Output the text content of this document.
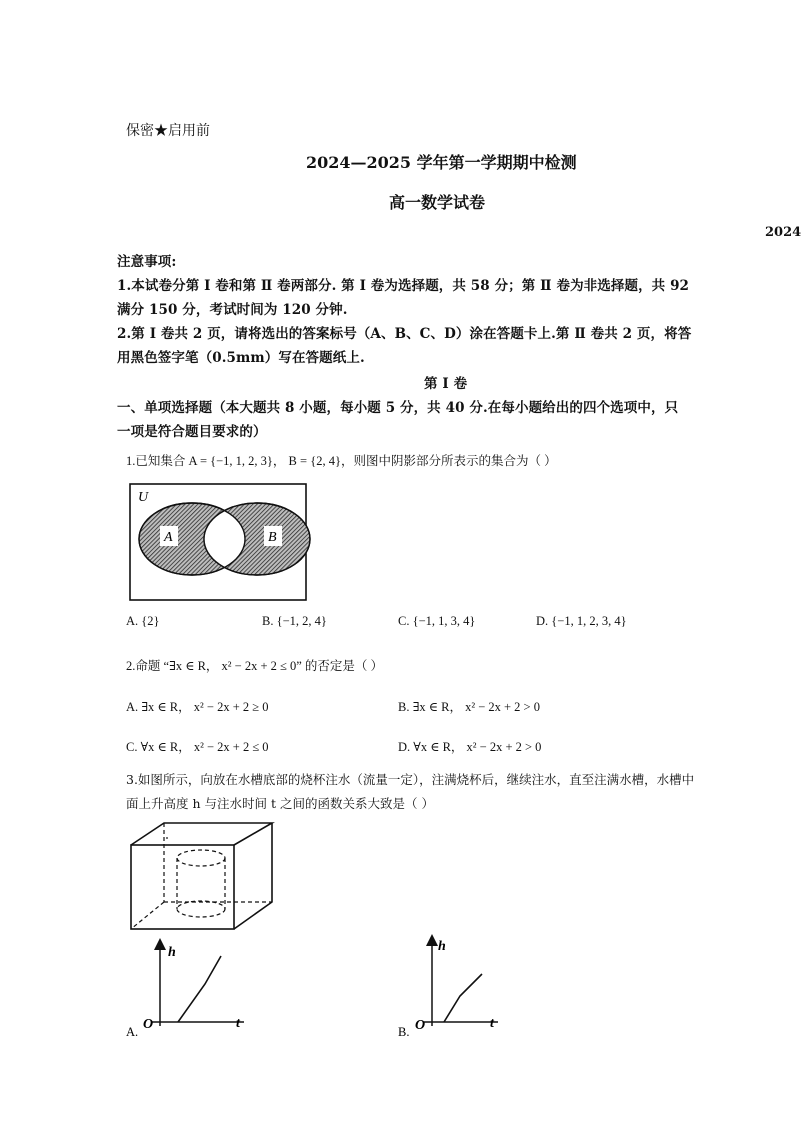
保密★启用前
2024—2025 学年第一学期期中检测
高一数学试卷
2024
注意事项:
1.本试卷分第 Ⅰ 卷和第 Ⅱ 卷两部分. 第 Ⅰ 卷为选择题，共 58 分；第 Ⅱ 卷为非选择题，共 92
满分 150 分，考试时间为 120 分钟.
2.第 Ⅰ 卷共 2 页，请将选出的答案标号（A、B、C、D）涂在答题卡上.第 Ⅱ 卷共 2 页，将答
用黑色签字笔（0.5mm）写在答题纸上.
第 Ⅰ 卷
一、单项选择题（本大题共 8 小题，每小题 5 分，共 40 分.在每小题给出的四个选项中，只
一项是符合题目要求的）
1.已知集合 A = {−1, 1, 2, 3}， B = {2, 4}，则图中阴影部分所表示的集合为（ ）
U
A	B
A. {2}	B. {−1, 2, 4}	C. {−1, 1, 3, 4}	D. {−1, 1, 2, 3, 4}
2.命题 “∃x ∈ R， x² − 2x + 2 ≤ 0” 的否定是（ ）
A. ∃x ∈ R， x² − 2x + 2 ≥ 0	B. ∃x ∈ R， x² − 2x + 2 > 0
C. ∀x ∈ R， x² − 2x + 2 ≤ 0	D. ∀x ∈ R， x² − 2x + 2 > 0
3.如图所示，向放在水槽底部的烧杯注水（流量一定），注满烧杯后，继续注水，直至注满水槽，水槽中
面上升高度 h 与注水时间 t 之间的函数关系大致是（ ）
h
t
O
A.
h
t
O
B.
